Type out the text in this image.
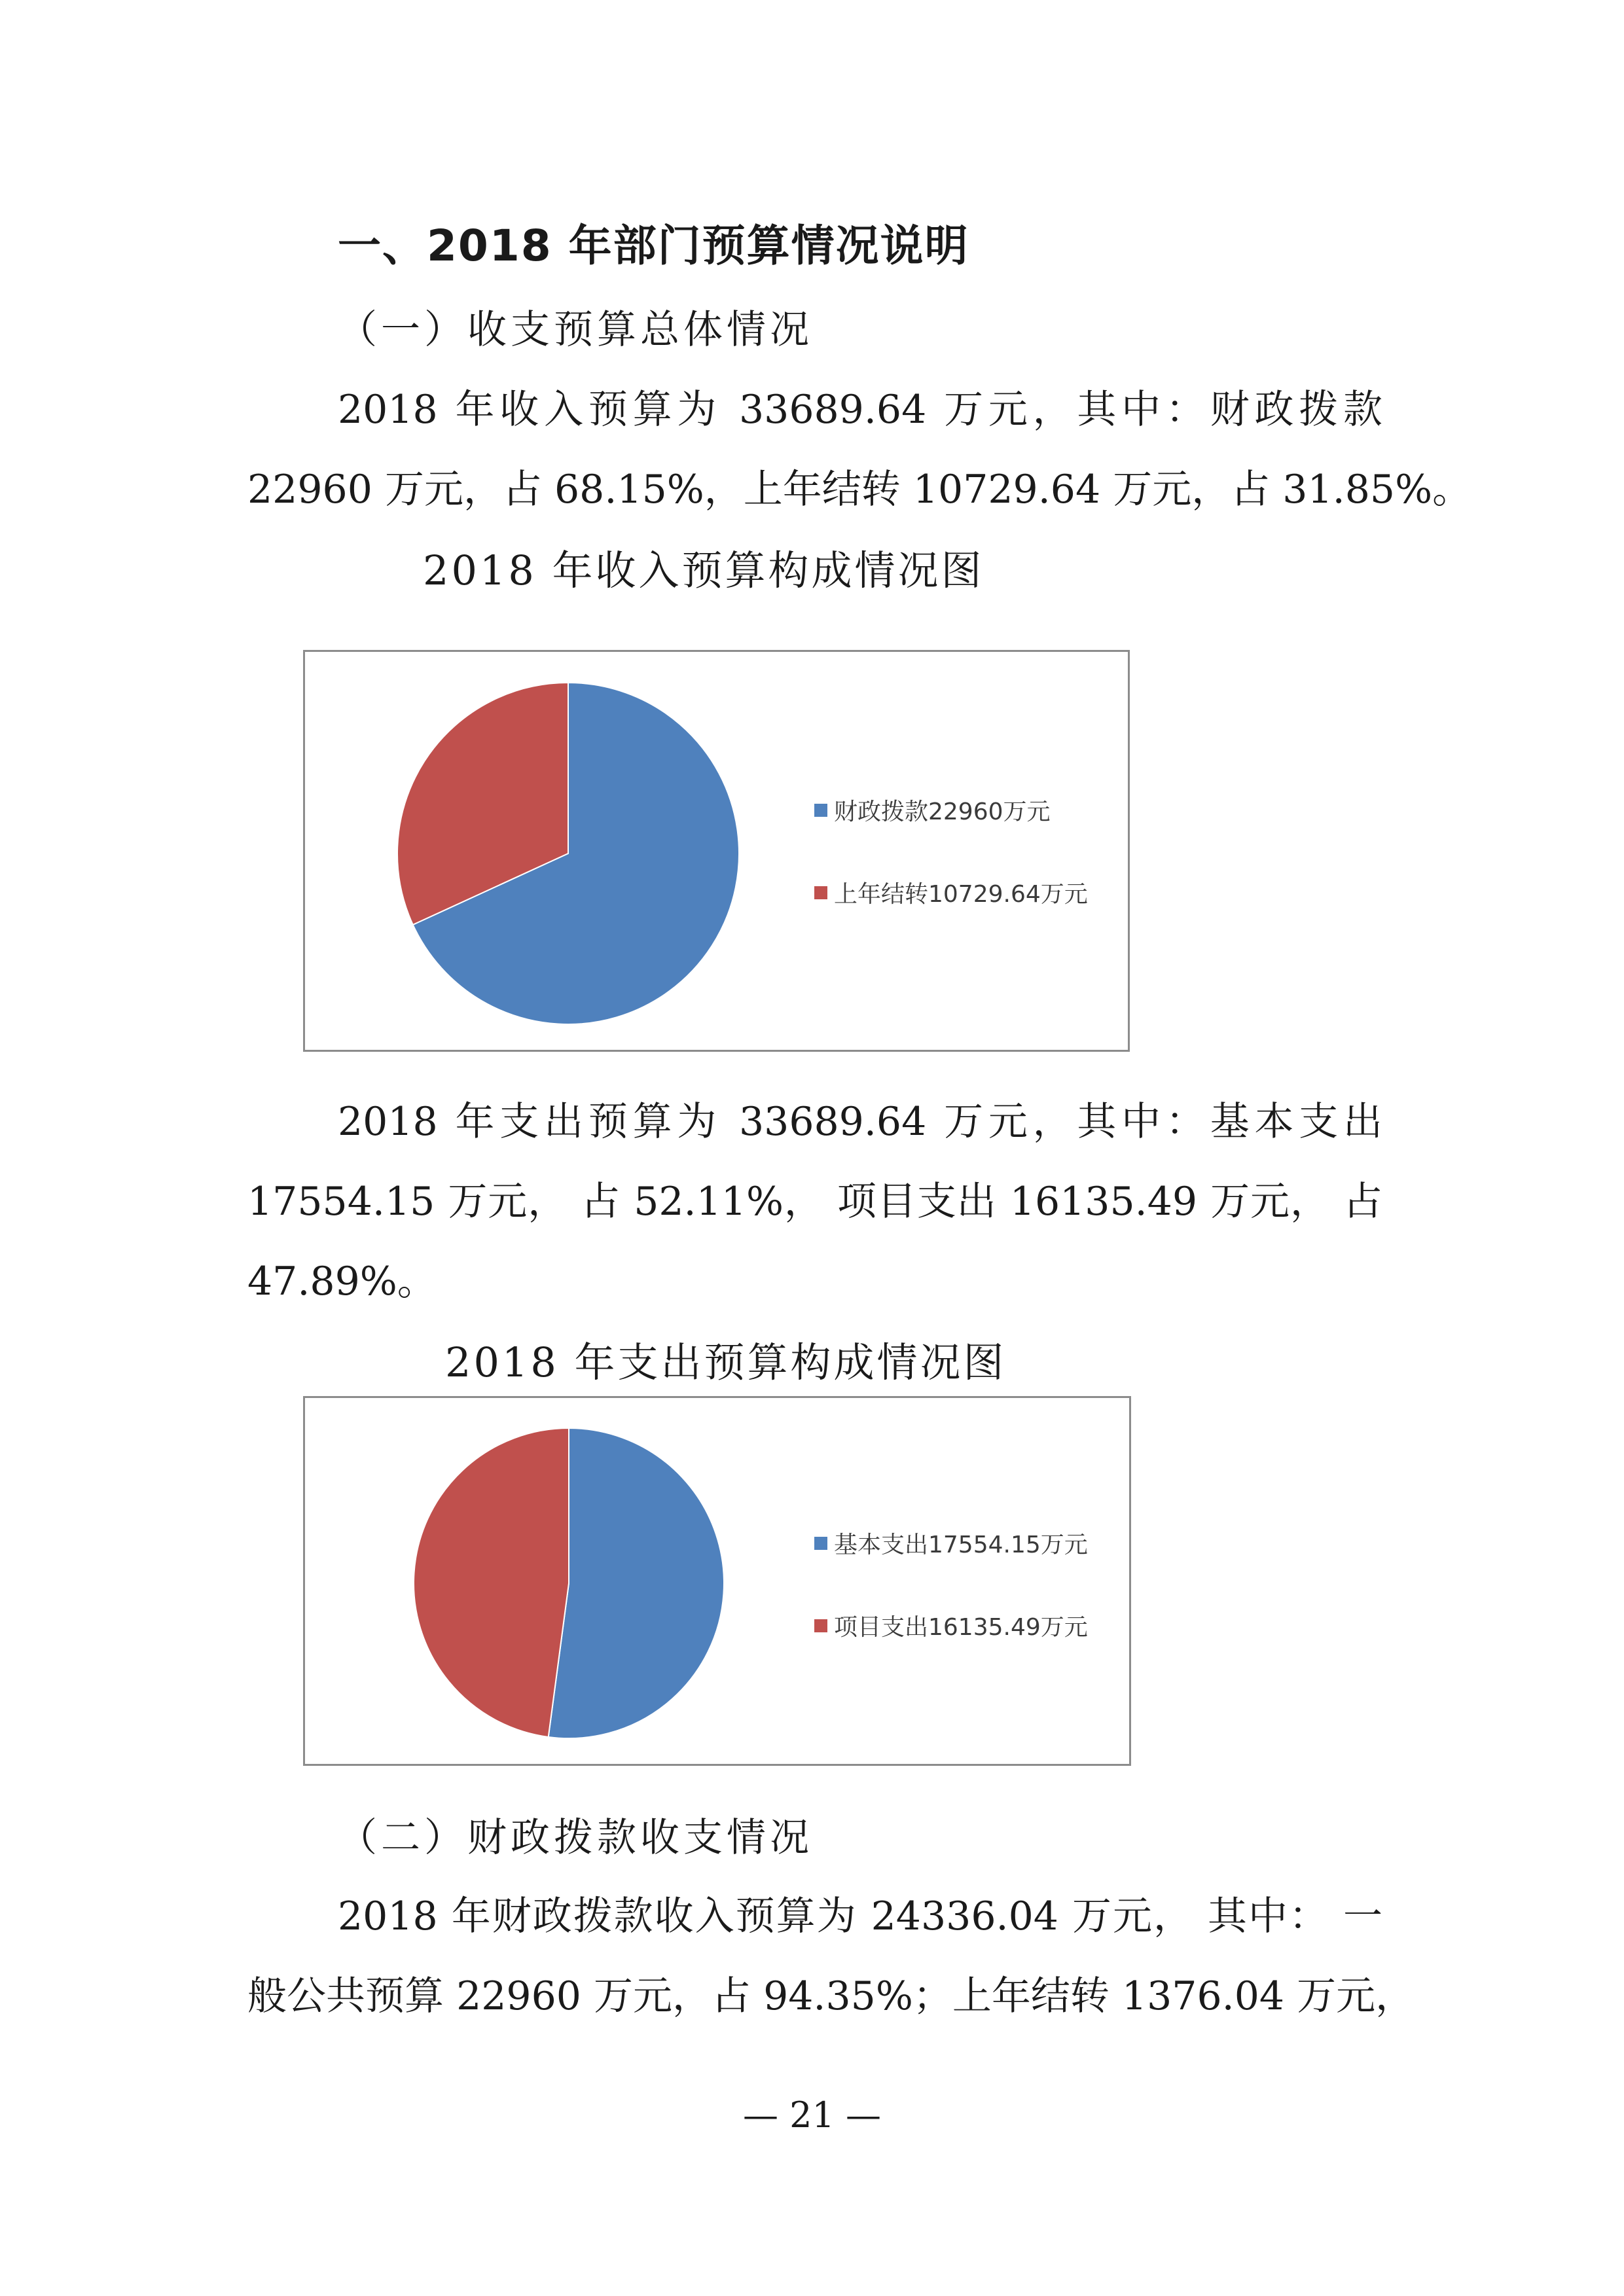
一、2018 年部门预算情况说明
（一）收支预算总体情况
2018 年收入预算为 33689.64 万元，其中：财政拨款
22960 万元，占 68.15%，上年结转 10729.64 万元，占 31.85%。
2018 年收入预算构成情况图
财政拨款22960万元
上年结转10729.64万元
2018 年支出预算为 33689.64 万元，其中：基本支出
17554.15 万元， 占 52.11%， 项目支出 16135.49 万元， 占
47.89%。
2018 年支出预算构成情况图
基本支出17554.15万元
项目支出16135.49万元
（二）财政拨款收支情况
2018 年财政拨款收入预算为 24336.04 万元， 其中： 一
般公共预算 22960 万元，占 94.35%；上年结转 1376.04 万元，
— 21 —
